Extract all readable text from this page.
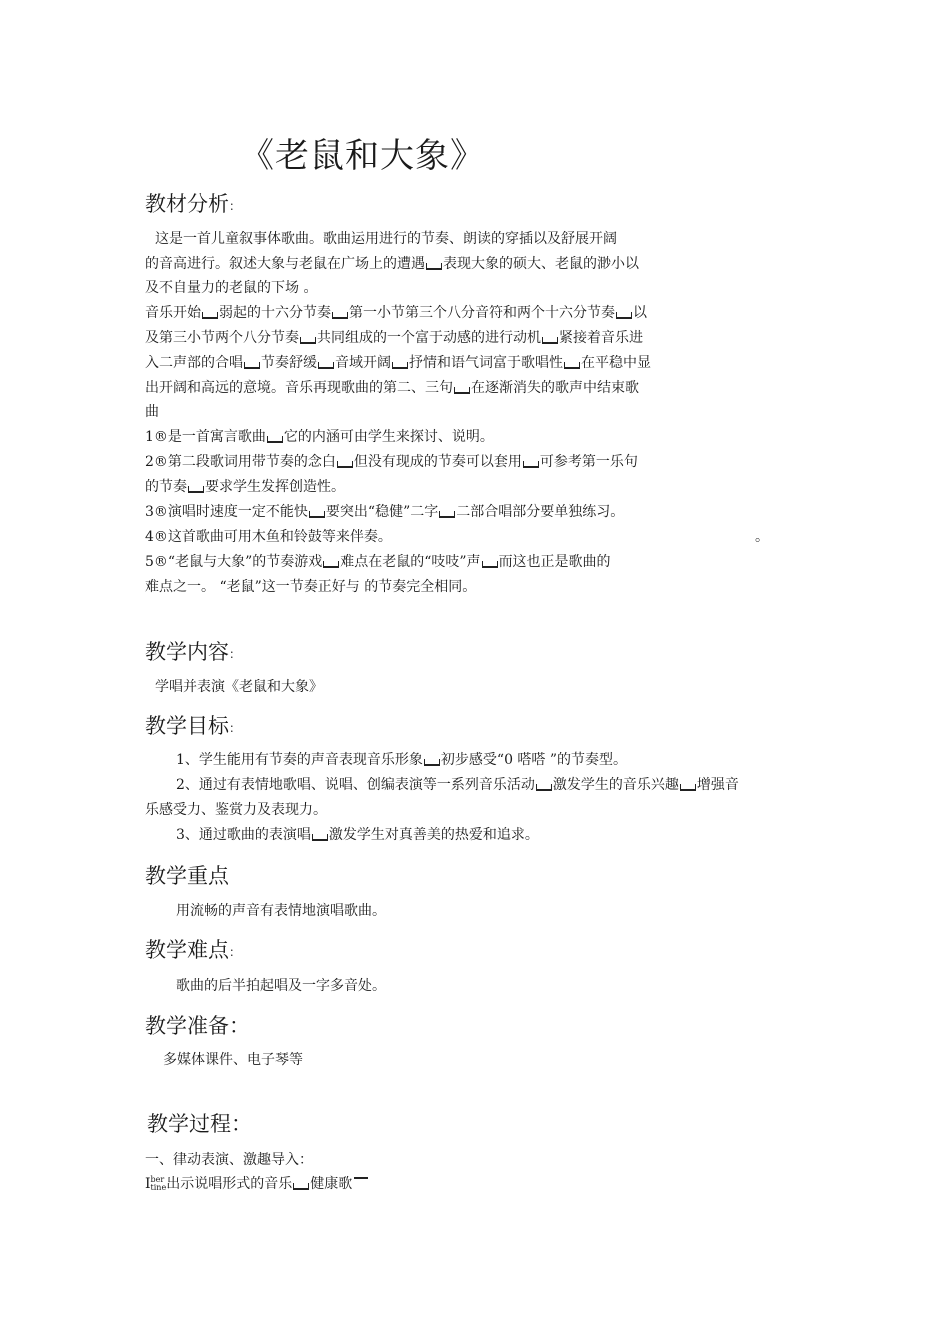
《老鼠和大象》
教材分析：
这是一首儿童叙事体歌曲。歌曲运用进行的节奏、朗读的穿插以及舒展开阔
的音高进行。叙述大象与老鼠在广场上的遭遇 表现大象的硕大、老鼠的渺小以
及不自量力的老鼠的下场 。
音乐开始 弱起的十六分节奏 第一小节第三个八分音符和两个十六分节奏 以
及第三小节两个八分节奏 共同组成的一个富于动感的进行动机 紧接着音乐进
入二声部的合唱 节奏舒缓 音域开阔 抒情和语气词富于歌唱性 在平稳中显
出开阔和高远的意境。音乐再现歌曲的第二、三句 在逐渐消失的歌声中结束歌
曲
1®是一首寓言歌曲 它的内涵可由学生来探讨、说明。
2®第二段歌词用带节奏的念白 但没有现成的节奏可以套用 可参考第一乐句
的节奏 要求学生发挥创造性。
3®演唱时速度一定不能快 要突出“稳健”二字 二部合唱部分要单独练习。
4®这首歌曲可用木鱼和铃鼓等来伴奏。	。
5®“老鼠与大象”的节奏游戏 难点在老鼠的“吱吱”声 而这也正是歌曲的
难点之一。 “老鼠”这一节奏正好与 的节奏完全相同。
教学内容：
学唱并表演《老鼠和大象》
教学目标：
1、学生能用有节奏的声音表现音乐形象 初步感受“0 嗒嗒 ”的节奏型。
2、通过有表情地歌唱、说唱、创编表演等一系列音乐活动 激发学生的音乐兴趣 增强音
乐感受力、鉴赏力及表现力。
3、通过歌曲的表演唱 激发学生对真善美的热爱和追求。
教学重点
用流畅的声音有表情地演唱歌曲。
教学难点：
歌曲的后半拍起唱及一字多音处。
教学准备：
多媒体课件、电子琴等
教学过程：
一、律动表演、激趣导入：
I ber
tine 出示说唱形式的音乐 健康歌
